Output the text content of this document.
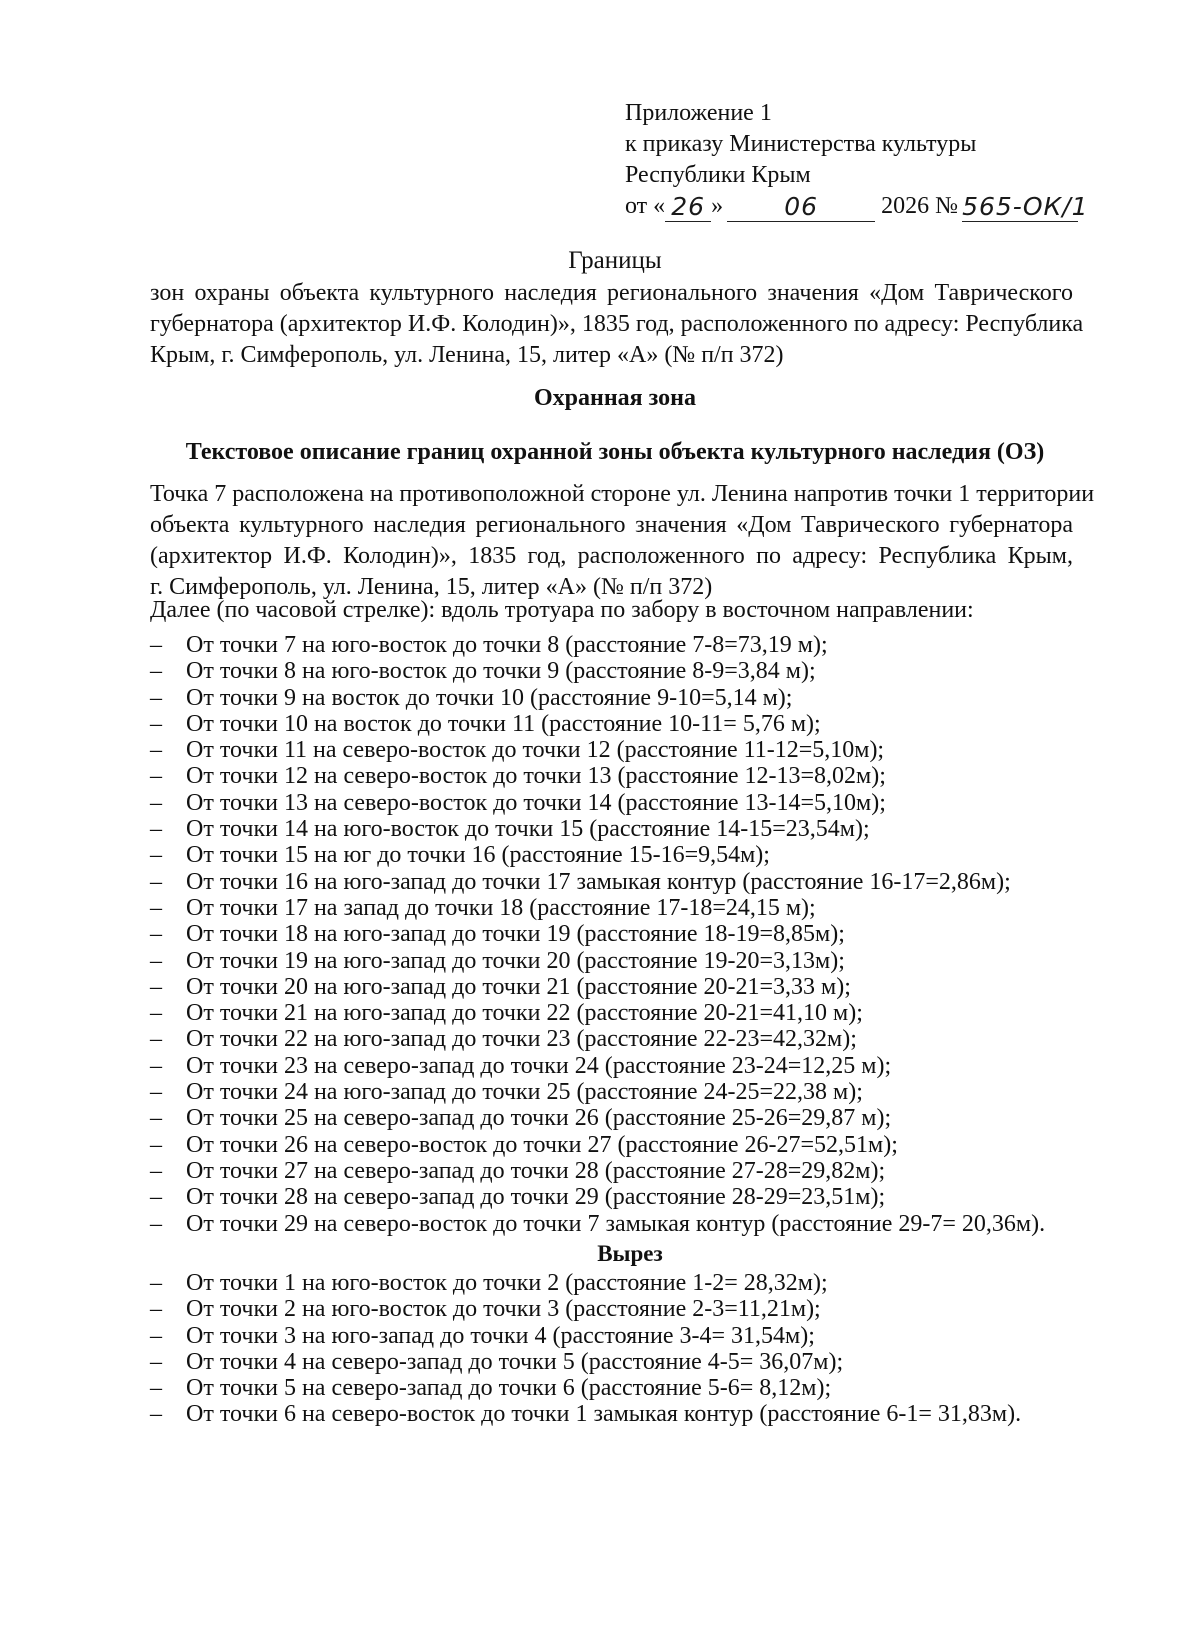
Приложение 1
к приказу Министерства культуры
Республики Крым
от « 26 »	06	2026 № 565-ОК/1
Границы
зон охраны объекта культурного наследия регионального значения «Дом Таврического
губернатора (архитектор И.Ф. Колодин)», 1835 год, расположенного по адресу: Республика
Крым, г. Симферополь, ул. Ленина, 15, литер «А» (№ п/п 372)
Охранная зона
Текстовое описание границ охранной зоны объекта культурного наследия (ОЗ)
Точка 7 расположена на противоположной стороне ул. Ленина напротив точки 1 территории
объекта культурного наследия регионального значения «Дом Таврического губернатора
(архитектор И.Ф. Колодин)», 1835 год, расположенного по адресу: Республика Крым,
г. Симферополь, ул. Ленина, 15, литер «А» (№ п/п 372)
Далее (по часовой стрелке): вдоль тротуара по забору в восточном направлении:
–	От точки 7 на юго-восток до точки 8 (расстояние 7-8=73,19 м);
–	От точки 8 на юго-восток до точки 9 (расстояние 8-9=3,84 м);
–	От точки 9 на восток до точки 10 (расстояние 9-10=5,14 м);
–	От точки 10 на восток до точки 11 (расстояние 10-11= 5,76 м);
–	От точки 11 на северо-восток до точки 12 (расстояние 11-12=5,10м);
–	От точки 12 на северо-восток до точки 13 (расстояние 12-13=8,02м);
–	От точки 13 на северо-восток до точки 14 (расстояние 13-14=5,10м);
–	От точки 14 на юго-восток до точки 15 (расстояние 14-15=23,54м);
–	От точки 15 на юг до точки 16 (расстояние 15-16=9,54м);
–	От точки 16 на юго-запад до точки 17 замыкая контур (расстояние 16-17=2,86м);
–	От точки 17 на запад до точки 18 (расстояние 17-18=24,15 м);
–	От точки 18 на юго-запад до точки 19 (расстояние 18-19=8,85м);
–	От точки 19 на юго-запад до точки 20 (расстояние 19-20=3,13м);
–	От точки 20 на юго-запад до точки 21 (расстояние 20-21=3,33 м);
–	От точки 21 на юго-запад до точки 22 (расстояние 20-21=41,10 м);
–	От точки 22 на юго-запад до точки 23 (расстояние 22-23=42,32м);
–	От точки 23 на северо-запад до точки 24 (расстояние 23-24=12,25 м);
–	От точки 24 на юго-запад до точки 25 (расстояние 24-25=22,38 м);
–	От точки 25 на северо-запад до точки 26 (расстояние 25-26=29,87 м);
–	От точки 26 на северо-восток до точки 27 (расстояние 26-27=52,51м);
–	От точки 27 на северо-запад до точки 28 (расстояние 27-28=29,82м);
–	От точки 28 на северо-запад до точки 29 (расстояние 28-29=23,51м);
–	От точки 29 на северо-восток до точки 7 замыкая контур (расстояние 29-7= 20,36м).
Вырез
–	От точки 1 на юго-восток до точки 2 (расстояние 1-2= 28,32м);
–	От точки 2 на юго-восток до точки 3 (расстояние 2-3=11,21м);
–	От точки 3 на юго-запад до точки 4 (расстояние 3-4= 31,54м);
–	От точки 4 на северо-запад до точки 5 (расстояние 4-5= 36,07м);
–	От точки 5 на северо-запад до точки 6 (расстояние 5-6= 8,12м);
–	От точки 6 на северо-восток до точки 1 замыкая контур (расстояние 6-1= 31,83м).
